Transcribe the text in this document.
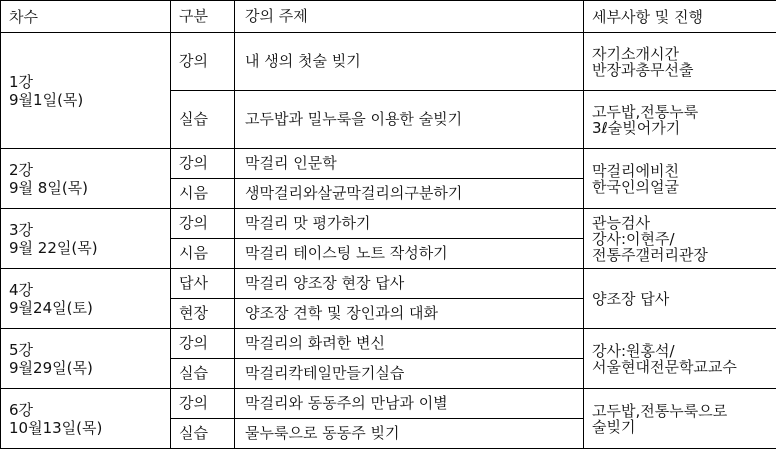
차수	구분	강의 주제	세부사항 및 진행
1강
9월1일(목)	강의	내 생의 첫술 빚기	자기소개시간
반장과총무선출
	실습	고두밥과 밀누룩을 이용한 술빚기	고두밥,전통누룩
3ℓ술빚어가기
2강
9월 8일(목)	강의	막걸리 인문학	막걸리에비친
한국인의얼굴
	시음	생막걸리와살균막걸리의구분하기	
3강
9월 22일(목)	강의	막걸리 맛 평가하기	관능검사
강사:이현주/
전통주갤러리관장
	시음	막걸리 테이스팅 노트 작성하기	
4강
9월24일(토)	답사	막걸리 양조장 현장 답사	양조장 답사
	현장	양조장 견학 및 장인과의 대화	
5강
9월29일(목)	강의	막걸리의 화려한 변신	강사:원홍석/
서울현대전문학교교수
	실습	막걸리칵테일만들기실습	
6강
10월13일(목)	강의	막걸리와 동동주의 만남과 이별	고두밥,전통누룩으로
술빚기
	실습	물누룩으로 동동주 빚기	
